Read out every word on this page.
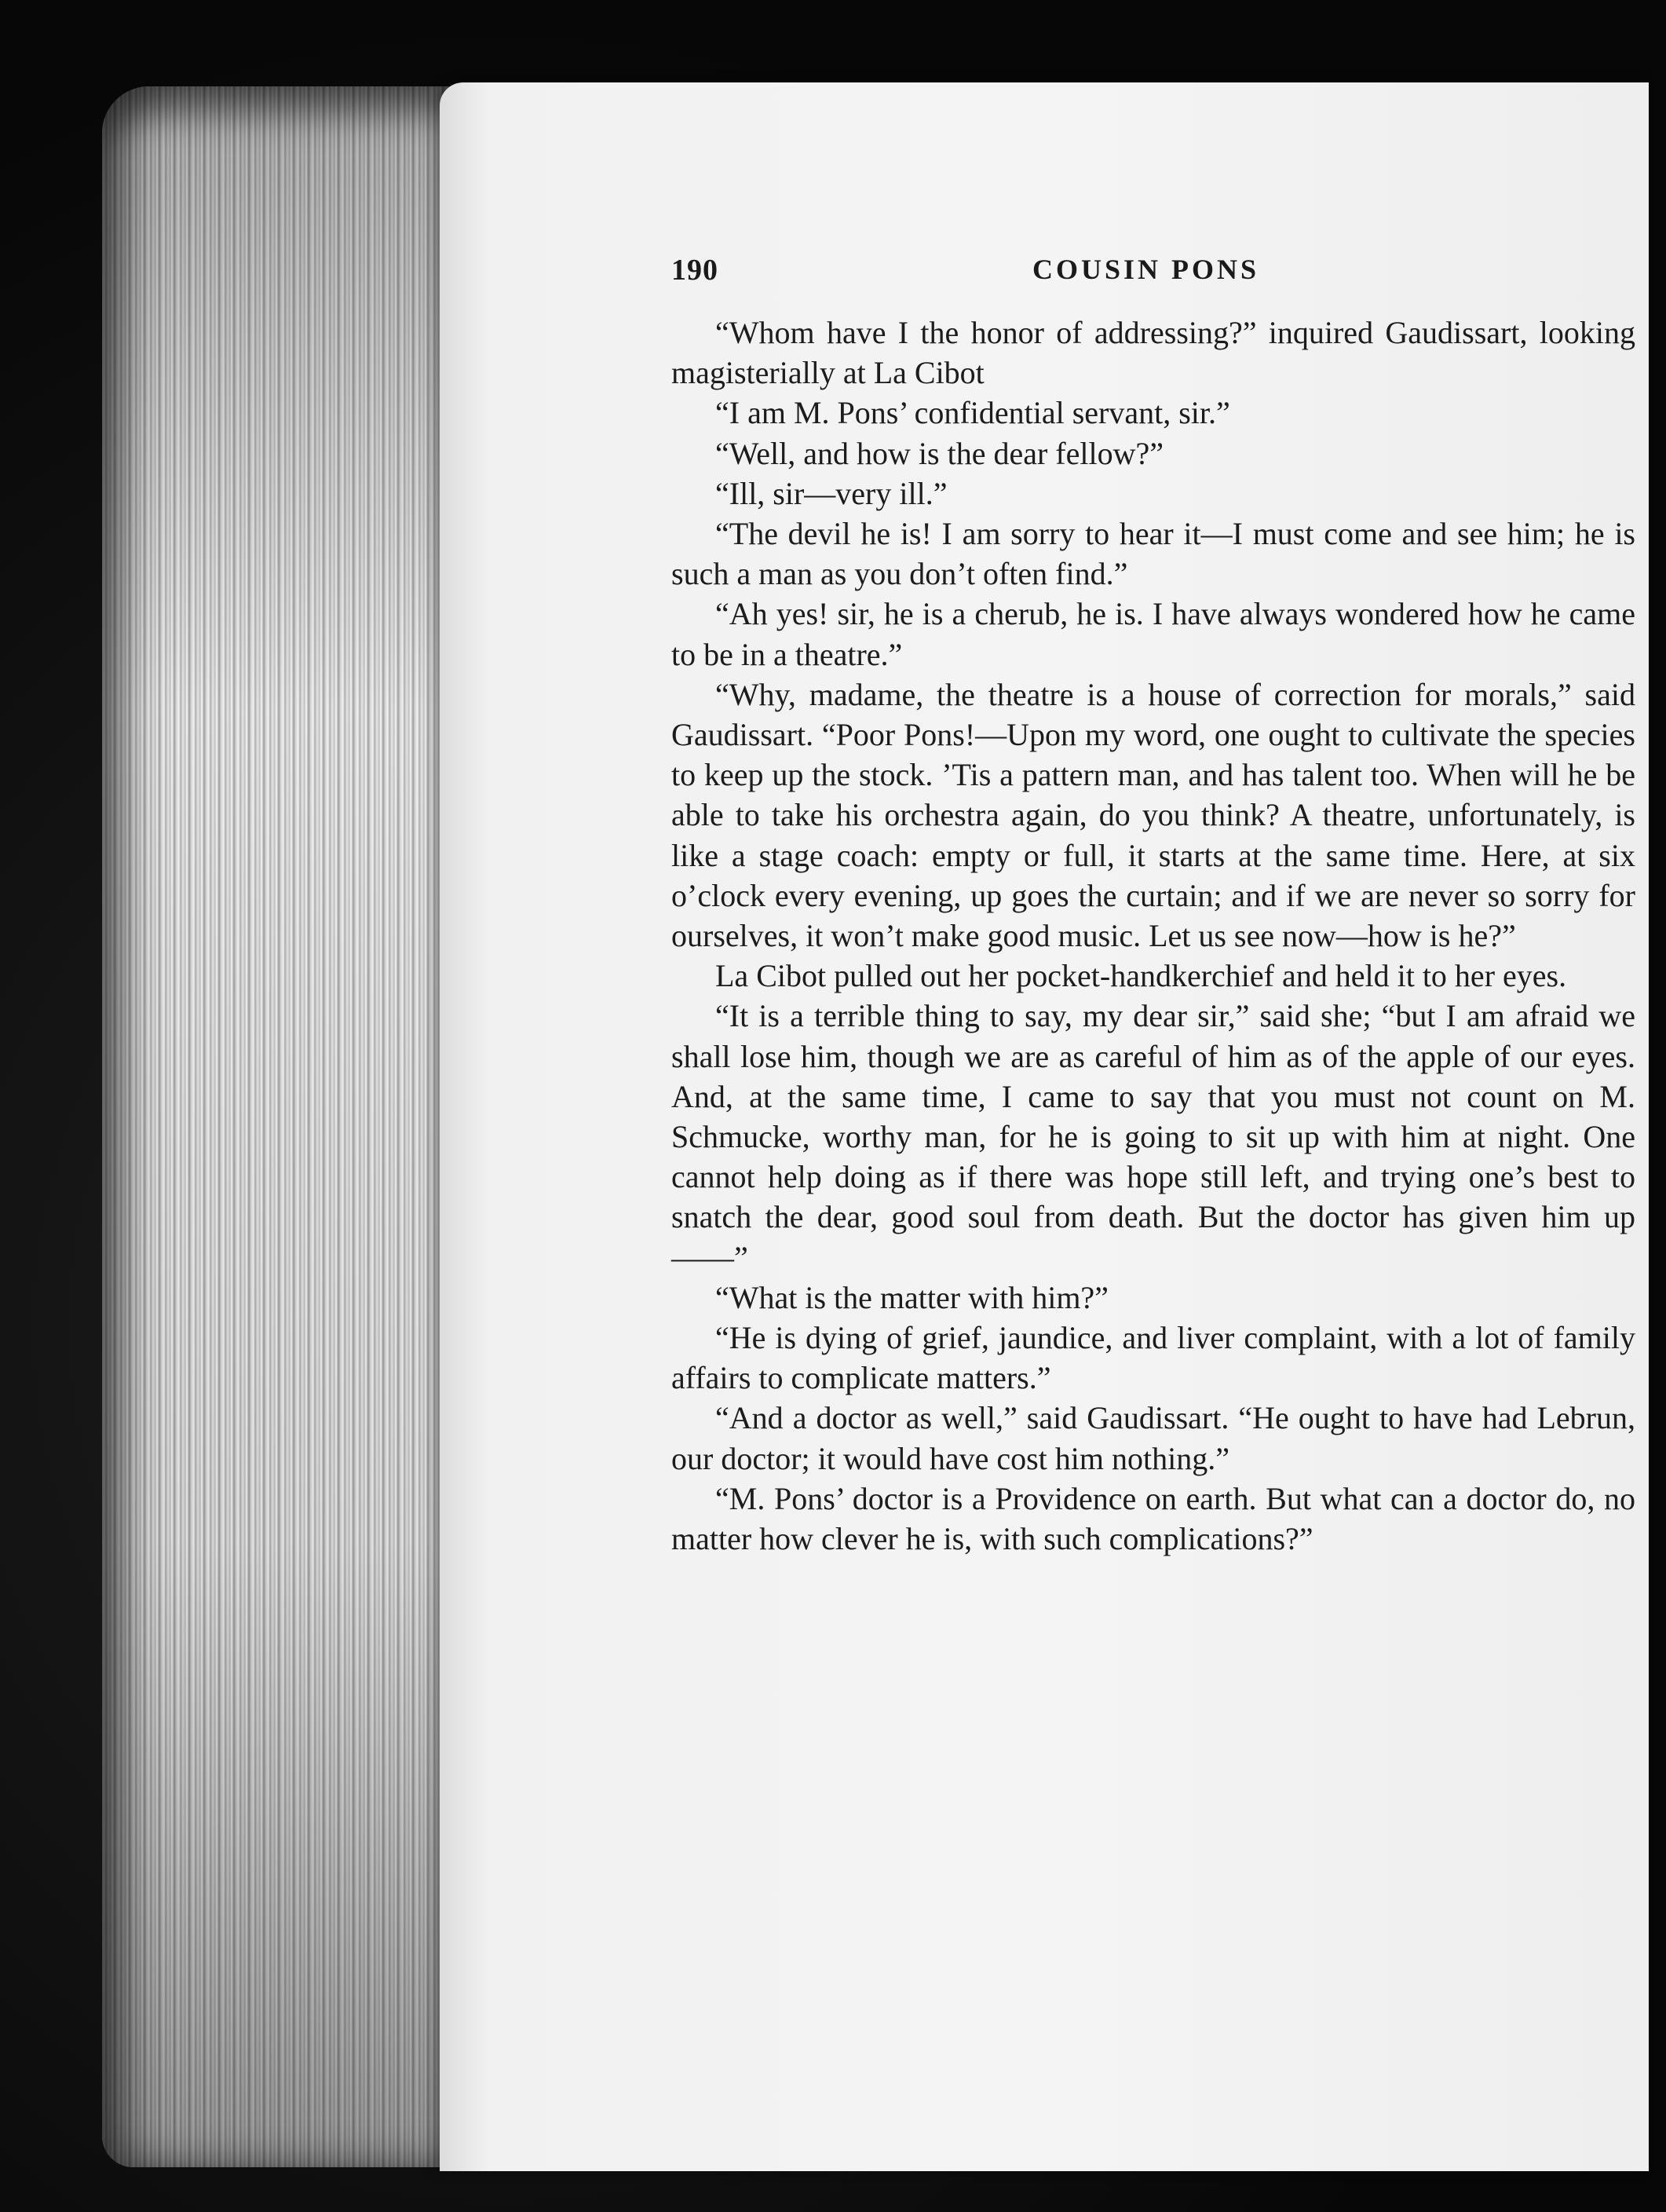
190	COUSIN PONS

“Whom have I the honor of addressing?” inquired Gaudissart, looking magisterially at La Cibot

“I am M. Pons’ confidential servant, sir.”

“Well, and how is the dear fellow?”

“Ill, sir—very ill.”

“The devil he is! I am sorry to hear it—I must come and see him; he is such a man as you don’t often find.”

“Ah yes! sir, he is a cherub, he is. I have always wondered how he came to be in a theatre.”

“Why, madame, the theatre is a house of correction for morals,” said Gaudissart. “Poor Pons!—Upon my word, one ought to cultivate the species to keep up the stock. ’Tis a pattern man, and has talent too. When will he be able to take his orchestra again, do you think? A theatre, unfortunately, is like a stage coach: empty or full, it starts at the same time. Here, at six o’clock every evening, up goes the curtain; and if we are never so sorry for ourselves, it won’t make good music. Let us see now—how is he?”

La Cibot pulled out her pocket-handkerchief and held it to her eyes.

“It is a terrible thing to say, my dear sir,” said she; “but I am afraid we shall lose him, though we are as careful of him as of the apple of our eyes. And, at the same time, I came to say that you must not count on M. Schmucke, worthy man, for he is going to sit up with him at night. One cannot help doing as if there was hope still left, and trying one’s best to snatch the dear, good soul from death. But the doctor has given him up——”

“What is the matter with him?”

“He is dying of grief, jaundice, and liver complaint, with a lot of family affairs to complicate matters.”

“And a doctor as well,” said Gaudissart. “He ought to have had Lebrun, our doctor; it would have cost him nothing.”

“M. Pons’ doctor is a Providence on earth. But what can a doctor do, no matter how clever he is, with such complications?”
